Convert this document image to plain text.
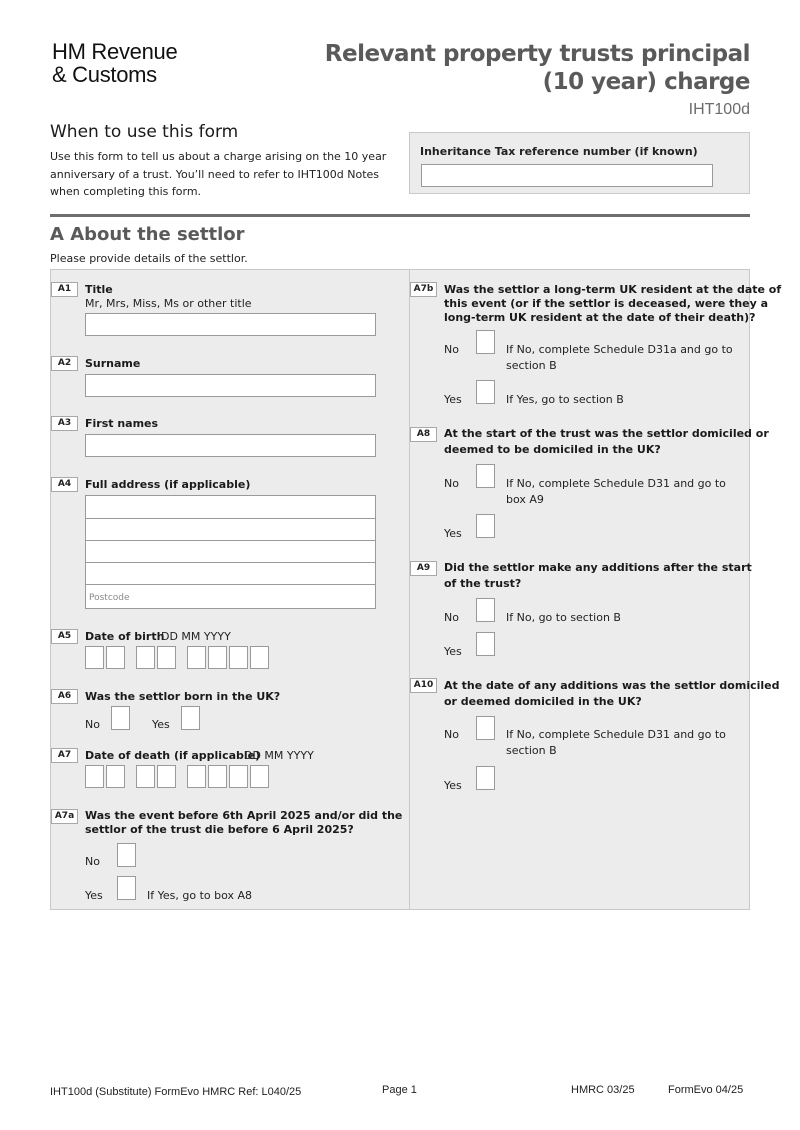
HM Revenue
& Customs
Relevant property trusts principal
(10 year) charge
IHT100d
When to use this form
Use this form to tell us about a charge arising on the 10 year anniversary of a trust. You’ll need to refer to IHT100d Notes when completing this form.
Inheritance Tax reference number (if known)
A About the settlor
Please provide details of the settlor.
A1	Title
Mr, Mrs, Miss, Ms or other title
A2	Surname
A3	First names
A4	Full address (if applicable)
Postcode
A5	Date of birth
DD MM YYYY
A6	Was the settlor born in the UK?
No	Yes
A7	Date of death (if applicable)
DD MM YYYY
A7a Was the event before 6th April 2025 and/or did the
settlor of the trust die before 6 April 2025?
No
Yes	If Yes, go to box A8
A7b Was the settlor a long-term UK resident at the date of
this event (or if the settlor is deceased, were they a
long-term UK resident at the date of their death)?
No	If No, complete Schedule D31a and go to
section B
Yes	If Yes, go to section B
A8	At the start of the trust was the settlor domiciled or
deemed to be domiciled in the UK?
No	If No, complete Schedule D31 and go to
box A9
Yes
A9	Did the settlor make any additions after the start
of the trust?
No	If No, go to section B
Yes
A10 At the date of any additions was the settlor domiciled
or deemed domiciled in the UK?
No	If No, complete Schedule D31 and go to
section B
Yes
IHT100d (Substitute) FormEvo HMRC Ref: L040/25	Page 1	HMRC 03/25	FormEvo 04/25
